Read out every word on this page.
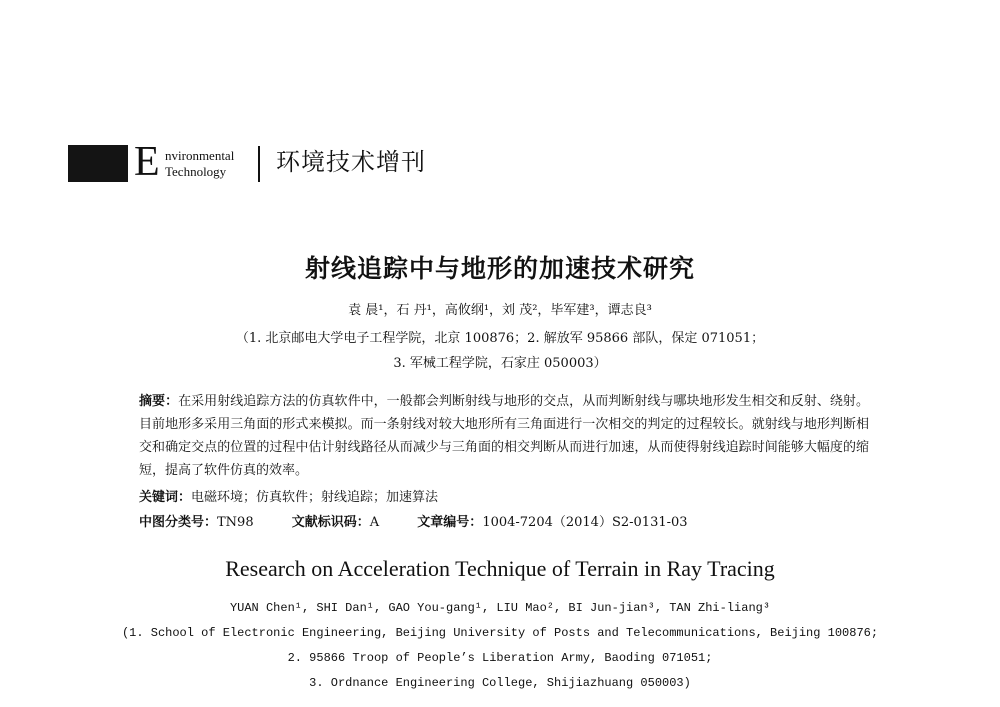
E nvironmental
Technology 环境技术增刊
射线追踪中与地形的加速技术研究
袁 晨¹，石 丹¹，高攸纲¹，刘 茂²，毕军建³，谭志良³
（1. 北京邮电大学电子工程学院，北京 100876；2. 解放军 95866 部队，保定 071051；
3. 军械工程学院，石家庄 050003）
摘要：在采用射线追踪方法的仿真软件中，一般都会判断射线与地形的交点，从而判断射线与哪块地形发生相交和反射、绕射。目前地形多采用三角面的形式来模拟。而一条射线对较大地形所有三角面进行一次相交的判定的过程较长。就射线与地形判断相交和确定交点的位置的过程中估计射线路径从而减少与三角面的相交判断从而进行加速，从而使得射线追踪时间能够大幅度的缩短，提高了软件仿真的效率。
关键词：电磁环境；仿真软件；射线追踪；加速算法
中图分类号：TN98	文献标识码：A	文章编号：1004-7204（2014）S2-0131-03
Research on Acceleration Technique of Terrain in Ray Tracing
YUAN Chen¹, SHI Dan¹, GAO You-gang¹, LIU Mao², BI Jun-jian³, TAN Zhi-liang³
(1. School of Electronic Engineering, Beijing University of Posts and Telecommunications, Beijing 100876;
2. 95866 Troop of People’s Liberation Army, Baoding 071051;
3. Ordnance Engineering College, Shijiazhuang 050003)
